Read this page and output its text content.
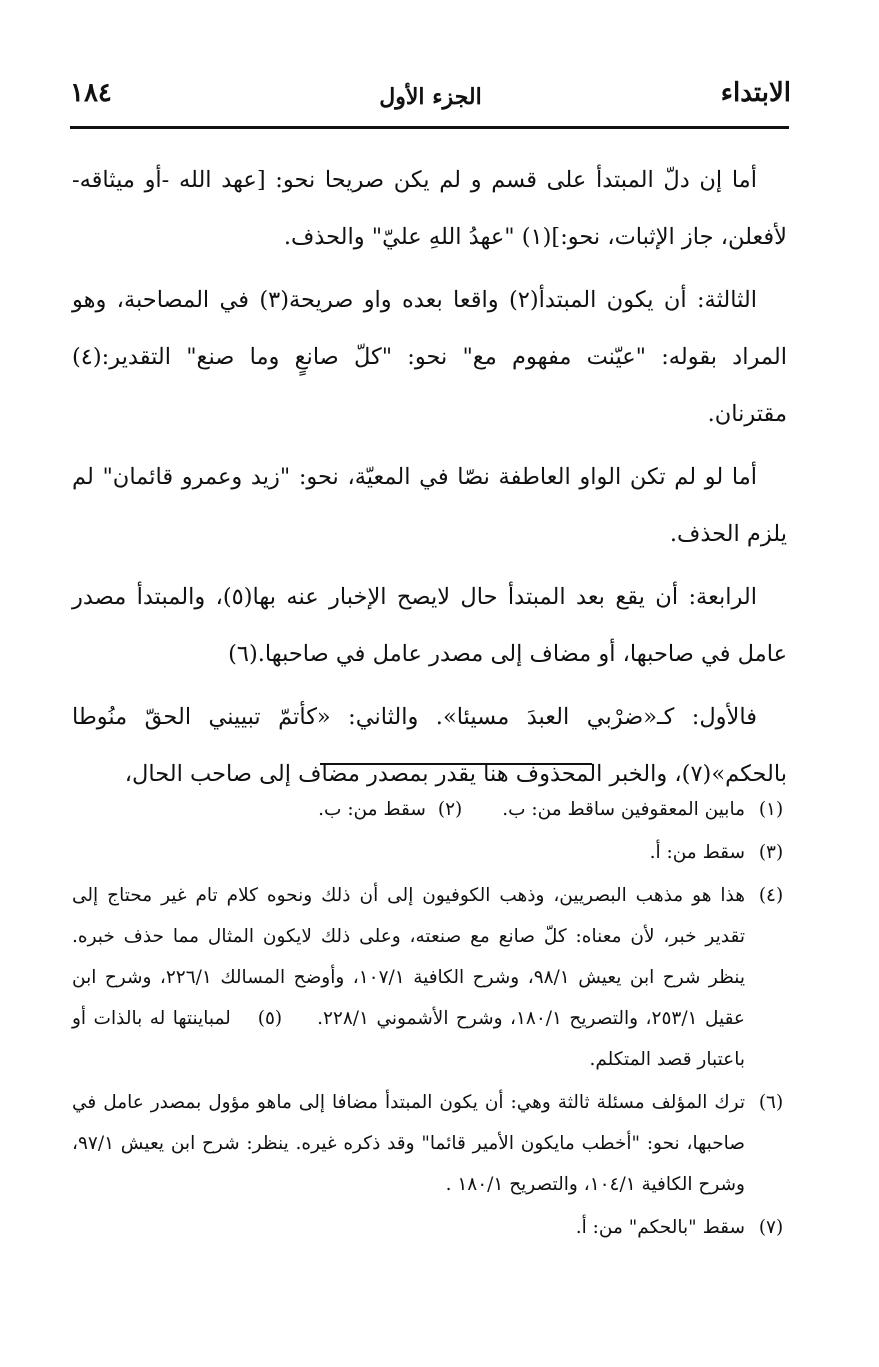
الابتداء
الجزء الأول
١٨٤

أما إن دلّ المبتدأ على قسم و لم يكن صريحا نحو: [عهد الله -أو ميثاقه- لأفعلن، جاز الإثبات، نحو:](١) "عهدُ اللهِ عليّ" والحذف.

الثالثة: أن يكون المبتدأ(٢) واقعا بعده واو صريحة(٣) في المصاحبة، وهو المراد بقوله: "عيّنت مفهوم مع" نحو: "كلّ صانعٍ وما صنع" التقدير:(٤) مقترنان.

أما لو لم تكن الواو العاطفة نصّا في المعيّة، نحو: "زيد وعمرو قائمان" لم يلزم الحذف.

الرابعة: أن يقع بعد المبتدأ حال لايصح الإخبار عنه بها(٥)، والمبتدأ مصدر عامل في صاحبها، أو مضاف إلى مصدر عامل في صاحبها.(٦)

فالأول: كـ«ضرْبي العبدَ مسيئا». والثاني: «كأتمّ تبييني الحقّ منُوطا بالحكم»(٧)، والخبر المحذوف هنا يقدر بمصدر مضاف إلى صاحب الحال،

(١)
مابين المعقوفين ساقط من: ب.
(٢)
سقط من: ب.
(٣)
سقط من: أ.
(٤)
هذا هو مذهب البصريين، وذهب الكوفيون إلى أن ذلك ونحوه كلام تام غير محتاج إلى تقدير خبر، لأن معناه: كلّ صانع مع صنعته، وعلى ذلك لايكون المثال مما حذف خبره. ينظر شرح ابن يعيش ٩٨/١، وشرح الكافية ١٠٧/١، وأوضح المسالك ٢٢٦/١، وشرح ابن عقيل ٢٥٣/١، والتصريح ١٨٠/١، وشرح الأشموني ٢٢٨/١.  (٥)  لمباينتها له بالذات أو باعتبار قصد المتكلم.
(٦)
ترك المؤلف مسئلة ثالثة وهي: أن يكون المبتدأ مضافا إلى ماهو مؤول بمصدر عامل في صاحبها، نحو: "أخطب مايكون الأمير قائما" وقد ذكره غيره. ينظر: شرح ابن يعيش ٩٧/١، وشرح الكافية ١٠٤/١، والتصريح ١٨٠/١ .
(٧)
سقط "بالحكم" من: أ.
